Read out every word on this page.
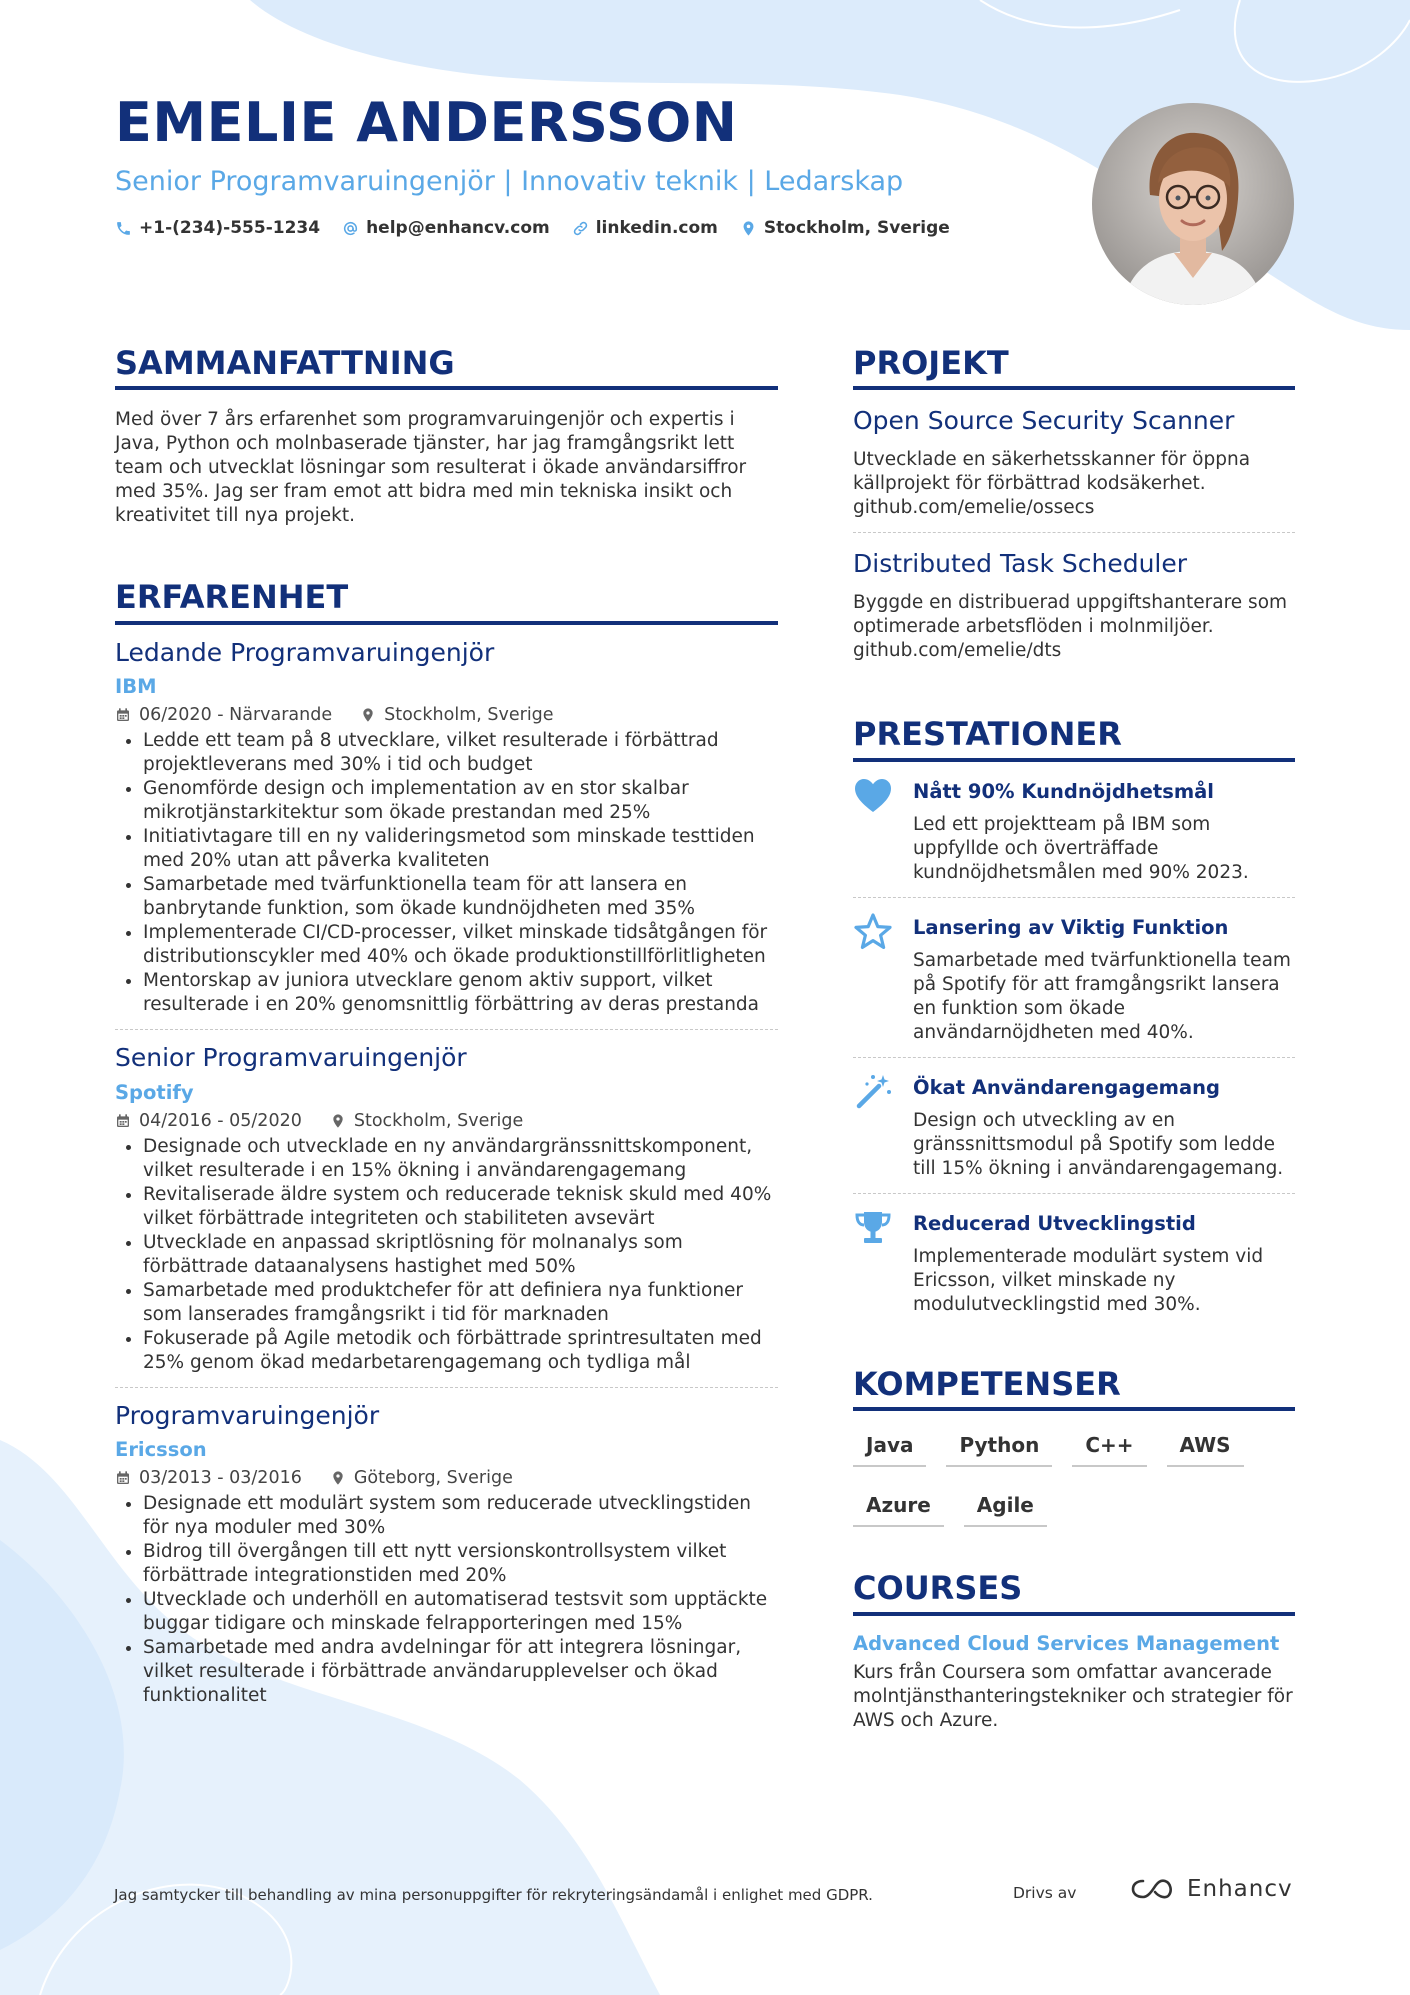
EMELIE ANDERSSON
Senior Programvaruingenjör | Innovativ teknik | Ledarskap
+1-(234)-555-1234	help@enhancv.com	linkedin.com	Stockholm, Sverige
SAMMANFATTNING

Med över 7 års erfarenhet som programvaruingenjör och expertis i Java, Python och molnbaserade tjänster, har jag framgångsrikt lett team och utvecklat lösningar som resulterat i ökade användarsiffror med 35%. Jag ser fram emot att bidra med min tekniska insikt och kreativitet till nya projekt.

ERFARENHET
Ledande Programvaruingenjör
IBM
06/2020 - Närvarande	Stockholm, Sverige
• Ledde ett team på 8 utvecklare, vilket resulterade i förbättrad projektleverans med 30% i tid och budget
• Genomförde design och implementation av en stor skalbar mikrotjänstarkitektur som ökade prestandan med 25%
• Initiativtagare till en ny valideringsmetod som minskade testtiden med 20% utan att påverka kvaliteten
• Samarbetade med tvärfunktionella team för att lansera en banbrytande funktion, som ökade kundnöjdheten med 35%
• Implementerade CI/CD-processer, vilket minskade tidsåtgången för distributionscykler med 40% och ökade produktionstillförlitligheten
• Mentorskap av juniora utvecklare genom aktiv support, vilket resulterade i en 20% genomsnittlig förbättring av deras prestanda
Senior Programvaruingenjör
Spotify
04/2016 - 05/2020	Stockholm, Sverige
• Designade och utvecklade en ny användargränssnittskomponent, vilket resulterade i en 15% ökning i användarengagemang
• Revitaliserade äldre system och reducerade teknisk skuld med 40% vilket förbättrade integriteten och stabiliteten avsevärt
• Utvecklade en anpassad skriptlösning för molnanalys som förbättrade dataanalysens hastighet med 50%
• Samarbetade med produktchefer för att definiera nya funktioner som lanserades framgångsrikt i tid för marknaden
• Fokuserade på Agile metodik och förbättrade sprintresultaten med 25% genom ökad medarbetarengagemang och tydliga mål
Programvaruingenjör
Ericsson
03/2013 - 03/2016	Göteborg, Sverige
• Designade ett modulärt system som reducerade utvecklingstiden för nya moduler med 30%
• Bidrog till övergången till ett nytt versionskontrollsystem vilket förbättrade integrationstiden med 20%
• Utvecklade och underhöll en automatiserad testsvit som upptäckte buggar tidigare och minskade felrapporteringen med 15%
• Samarbetade med andra avdelningar för att integrera lösningar, vilket resulterade i förbättrade användarupplevelser och ökad funktionalitet
PROJEKT
Open Source Security Scanner

Utvecklade en säkerhetsskanner för öppna källprojekt för förbättrad kodsäkerhet.

github.com/emelie/ossecs

Distributed Task Scheduler

Byggde en distribuerad uppgiftshanterare som optimerade arbetsflöden i molnmiljöer.

github.com/emelie/dts

PRESTATIONER
Nått 90% Kundnöjdhetsmål

Led ett projektteam på IBM som uppfyllde och överträffade kundnöjdhetsmålen med 90% 2023.

Lansering av Viktig Funktion

Samarbetade med tvärfunktionella team på Spotify för att framgångsrikt lansera en funktion som ökade användarnöjdheten med 40%.

Ökat Användarengagemang

Design och utveckling av en gränssnittsmodul på Spotify som ledde till 15% ökning i användarengagemang.

Reducerad Utvecklingstid

Implementerade modulärt system vid Ericsson, vilket minskade ny modulutvecklingstid med 30%.

KOMPETENSER
Java	Python	C++	AWS
Azure	Agile
COURSES
Advanced Cloud Services Management

Kurs från Coursera som omfattar avancerade molntjänsthanteringstekniker och strategier för AWS och Azure.

Jag samtycker till behandling av mina personuppgifter för rekryteringsändamål i enlighet med GDPR.	Drivs av	Enhancv
